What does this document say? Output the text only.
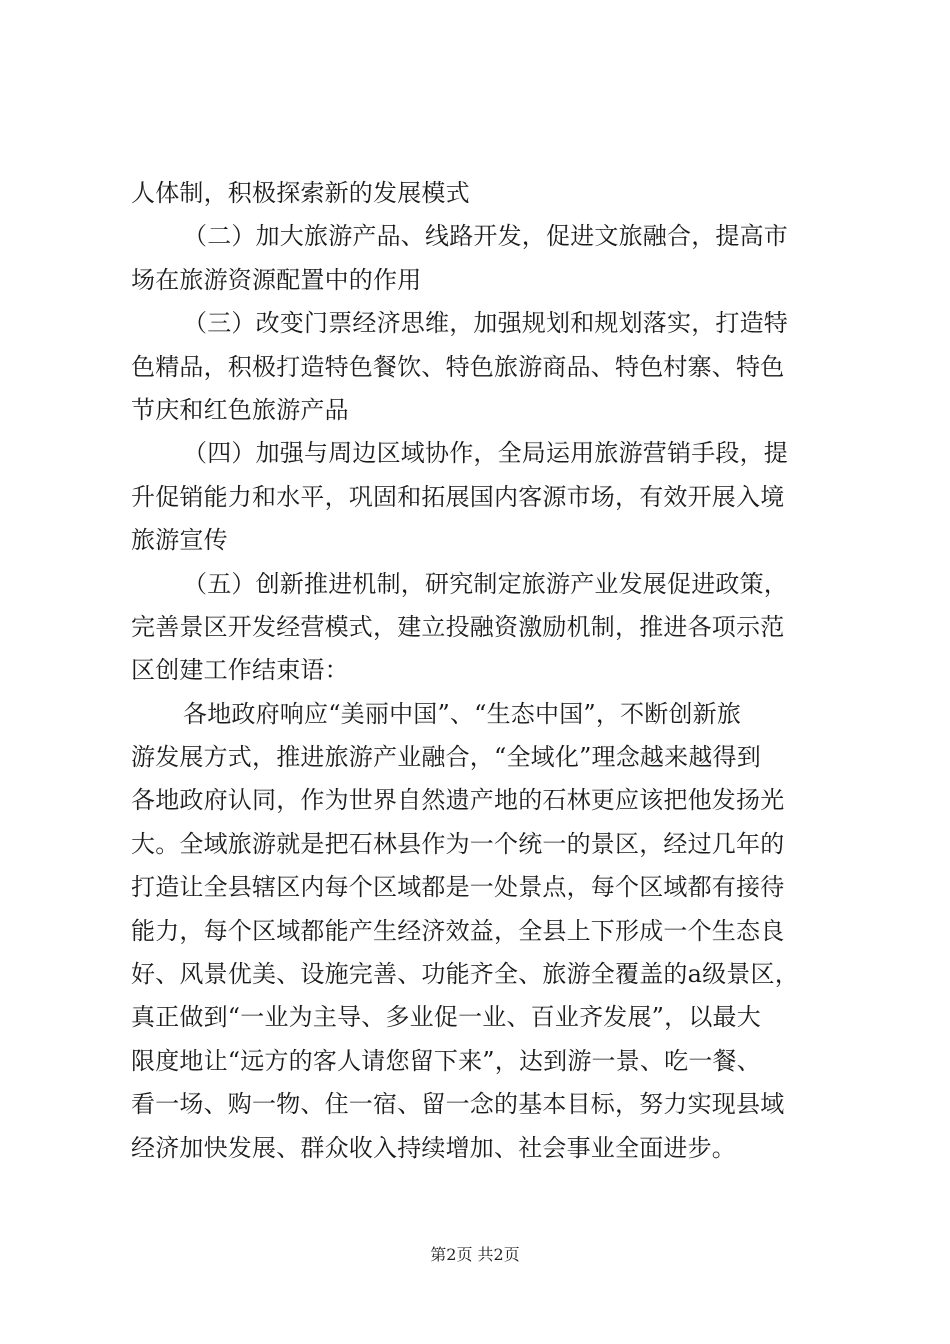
人体制，积极探索新的发展模式
（二）加大旅游产品、线路开发，促进文旅融合，提高市
场在旅游资源配置中的作用
（三）改变门票经济思维，加强规划和规划落实，打造特
色精品，积极打造特色餐饮、特色旅游商品、特色村寨、特色
节庆和红色旅游产品
（四）加强与周边区域协作，全局运用旅游营销手段，提
升促销能力和水平，巩固和拓展国内客源市场，有效开展入境
旅游宣传
（五）创新推进机制，研究制定旅游产业发展促进政策，
完善景区开发经营模式，建立投融资激励机制，推进各项示范
区创建工作结束语：
各地政府响应“美丽中国”、“生态中国”，不断创新旅
游发展方式，推进旅游产业融合，“全域化”理念越来越得到
各地政府认同，作为世界自然遗产地的石林更应该把他发扬光
大。全域旅游就是把石林县作为一个统一的景区，经过几年的
打造让全县辖区内每个区域都是一处景点，每个区域都有接待
能力，每个区域都能产生经济效益，全县上下形成一个生态良
好、风景优美、设施完善、功能齐全、旅游全覆盖的a级景区，
真正做到“一业为主导、多业促一业、百业齐发展”，以最大
限度地让“远方的客人请您留下来”，达到游一景、吃一餐、
看一场、购一物、住一宿、留一念的基本目标，努力实现县域
经济加快发展、群众收入持续增加、社会事业全面进步。
第2页 共2页
